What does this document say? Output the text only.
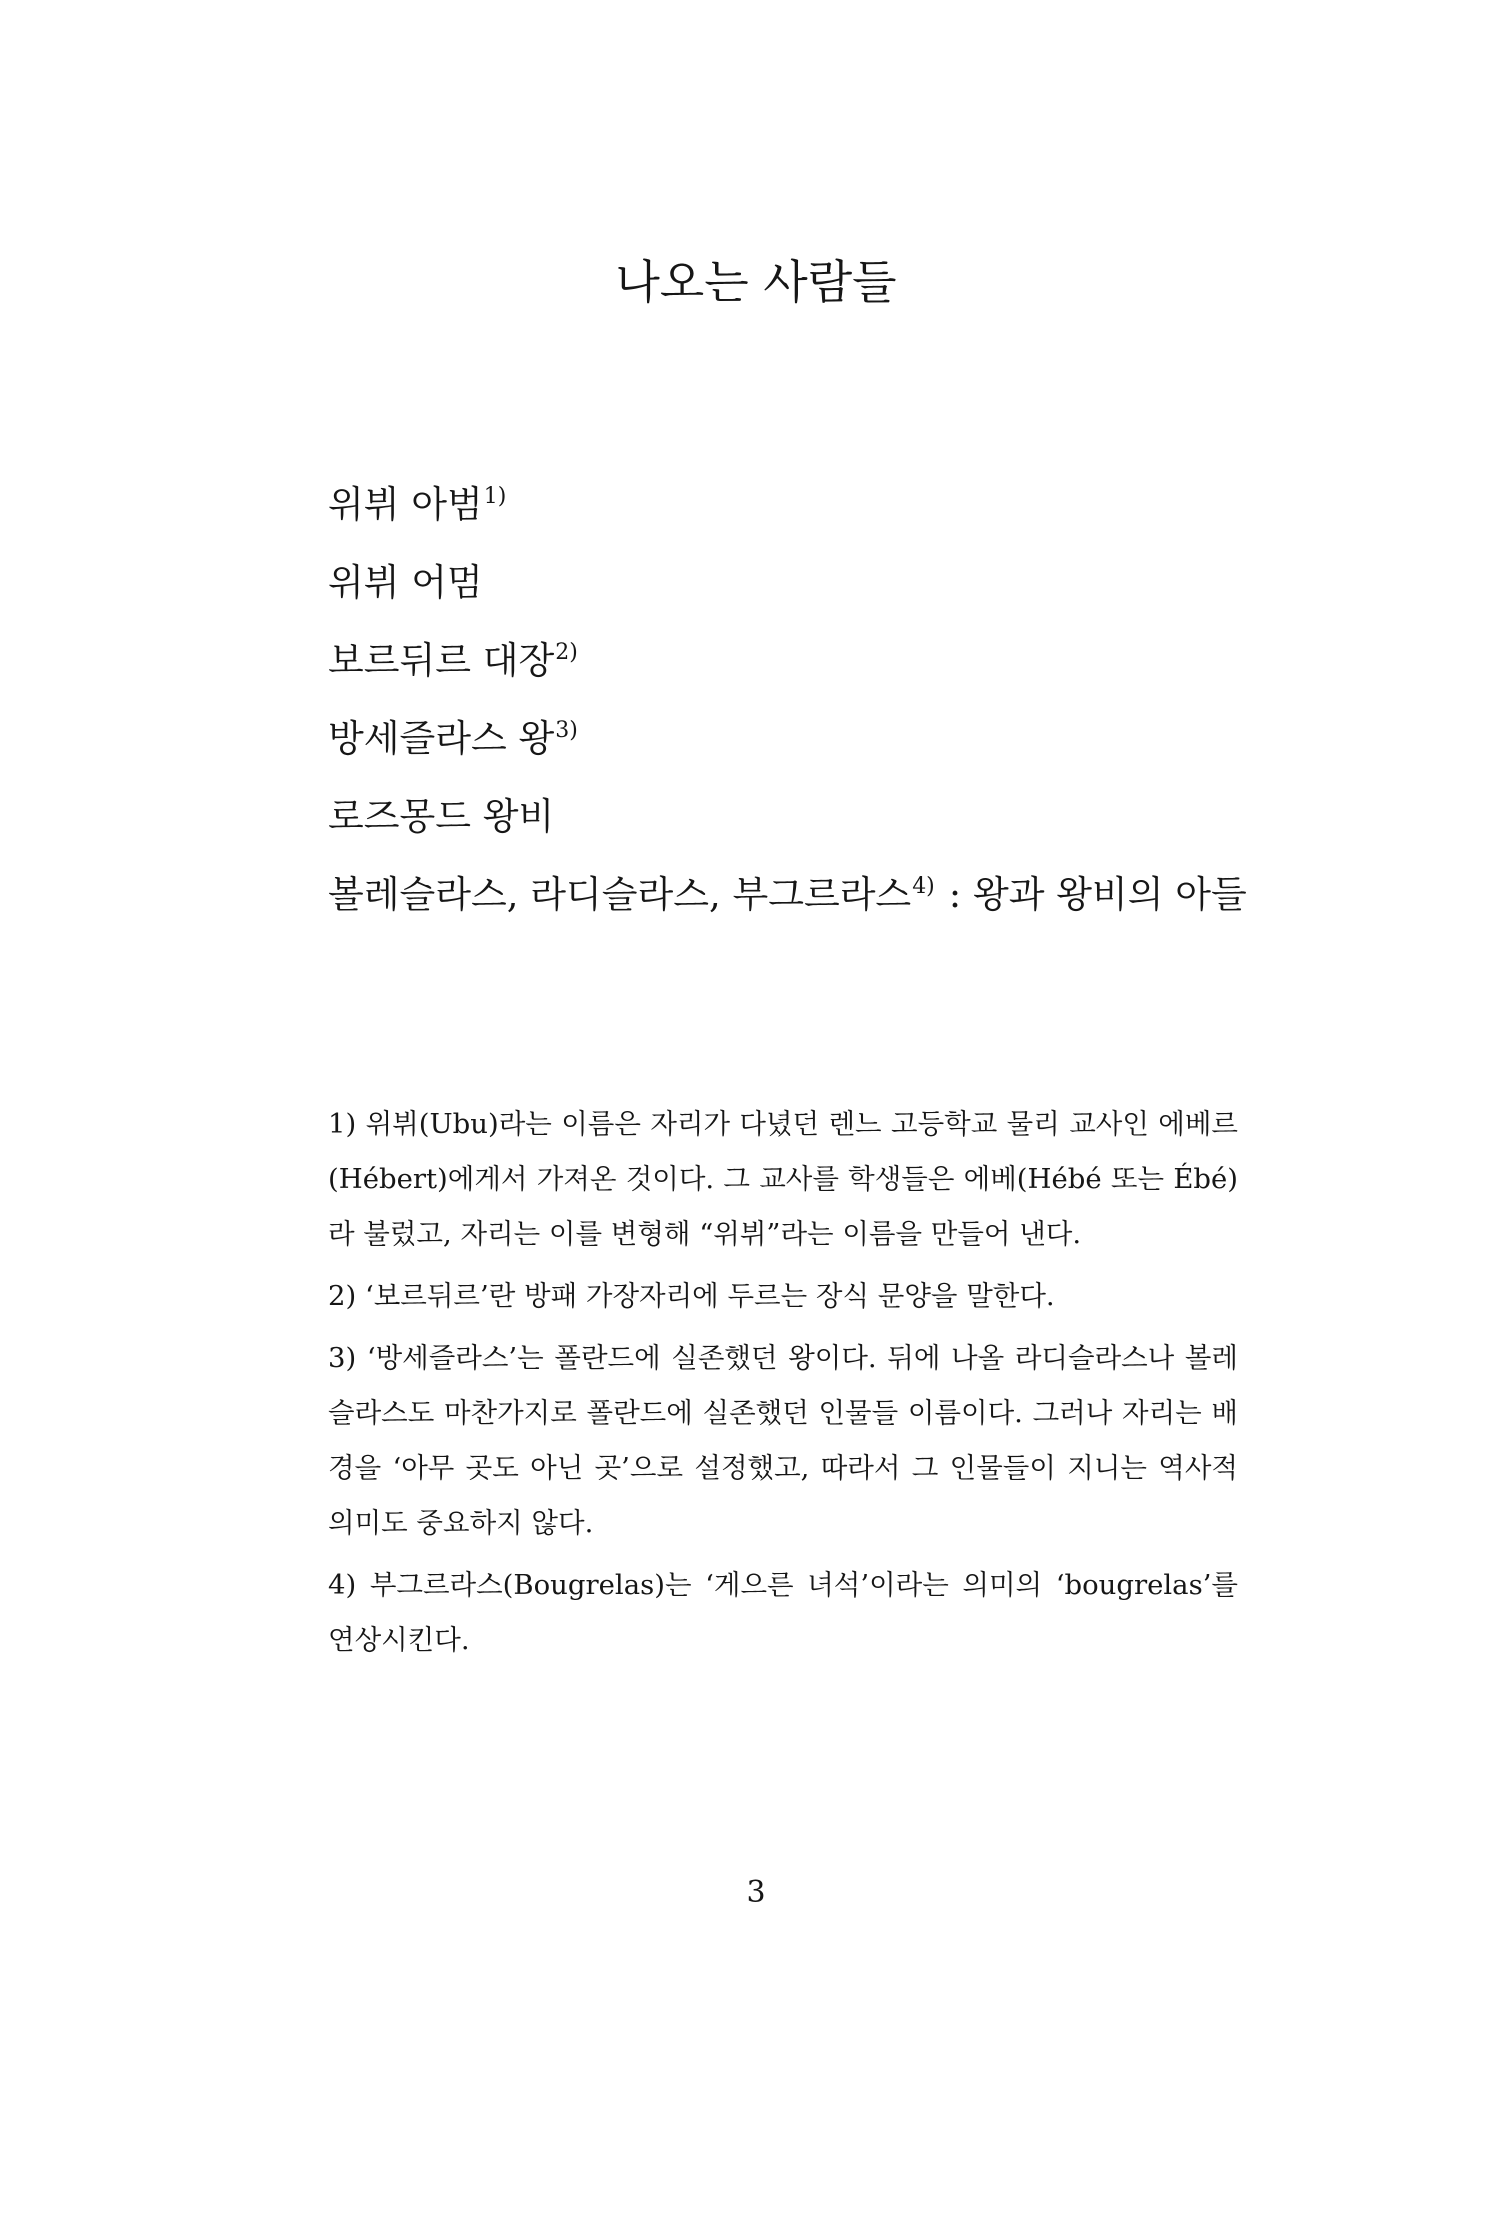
나오는 사람들
위뷔 아범$^{1)}$
위뷔 어멈
보르뒤르 대장$^{2)}$
방세즐라스 왕$^{3)}$
로즈몽드 왕비
볼레슬라스, 라디슬라스, 부그르라스$^{4)}$ : 왕과 왕비의 아들
1) 위뷔(Ubu)라는 이름은 자리가 다녔던 렌느 고등학교 물리 교사인 에베르(Hébert)에게서 가져온 것이다. 그 교사를 학생들은 에베(Hébé 또는 Ébé)라 불렀고, 자리는 이를 변형해 “위뷔”라는 이름을 만들어 낸다.
2) ‘보르뒤르’란 방패 가장자리에 두르는 장식 문양을 말한다.
3) ‘방세즐라스’는 폴란드에 실존했던 왕이다. 뒤에 나올 라디슬라스나 볼레슬라스도 마찬가지로 폴란드에 실존했던 인물들 이름이다. 그러나 자리는 배경을 ‘아무 곳도 아닌 곳’으로 설정했고, 따라서 그 인물들이 지니는 역사적 의미도 중요하지 않다.
4) 부그르라스(Bougrelas)는 ‘게으른 녀석’이라는 의미의 ‘bougrelas’를 연상시킨다.
3
